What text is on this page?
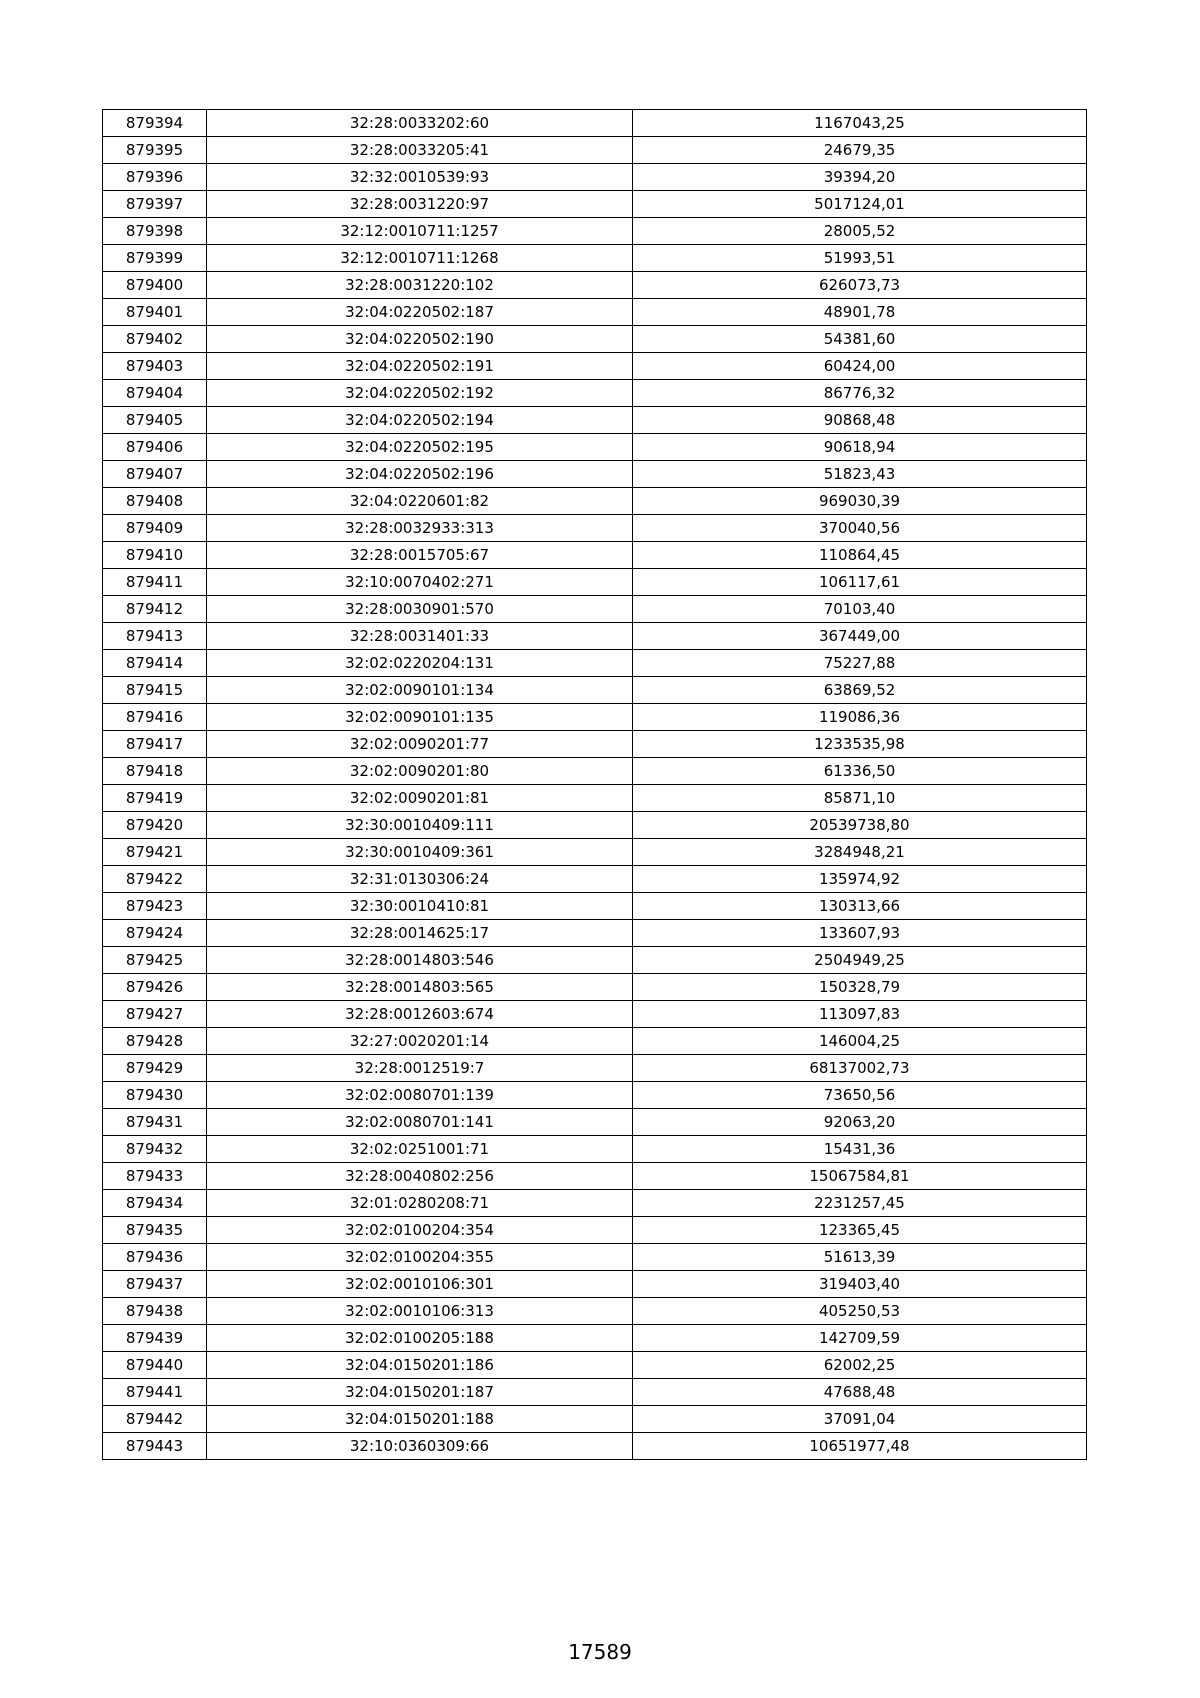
879394	32:28:0033202:60	1167043,25
879395	32:28:0033205:41	24679,35
879396	32:32:0010539:93	39394,20
879397	32:28:0031220:97	5017124,01
879398	32:12:0010711:1257	28005,52
879399	32:12:0010711:1268	51993,51
879400	32:28:0031220:102	626073,73
879401	32:04:0220502:187	48901,78
879402	32:04:0220502:190	54381,60
879403	32:04:0220502:191	60424,00
879404	32:04:0220502:192	86776,32
879405	32:04:0220502:194	90868,48
879406	32:04:0220502:195	90618,94
879407	32:04:0220502:196	51823,43
879408	32:04:0220601:82	969030,39
879409	32:28:0032933:313	370040,56
879410	32:28:0015705:67	110864,45
879411	32:10:0070402:271	106117,61
879412	32:28:0030901:570	70103,40
879413	32:28:0031401:33	367449,00
879414	32:02:0220204:131	75227,88
879415	32:02:0090101:134	63869,52
879416	32:02:0090101:135	119086,36
879417	32:02:0090201:77	1233535,98
879418	32:02:0090201:80	61336,50
879419	32:02:0090201:81	85871,10
879420	32:30:0010409:111	20539738,80
879421	32:30:0010409:361	3284948,21
879422	32:31:0130306:24	135974,92
879423	32:30:0010410:81	130313,66
879424	32:28:0014625:17	133607,93
879425	32:28:0014803:546	2504949,25
879426	32:28:0014803:565	150328,79
879427	32:28:0012603:674	113097,83
879428	32:27:0020201:14	146004,25
879429	32:28:0012519:7	68137002,73
879430	32:02:0080701:139	73650,56
879431	32:02:0080701:141	92063,20
879432	32:02:0251001:71	15431,36
879433	32:28:0040802:256	15067584,81
879434	32:01:0280208:71	2231257,45
879435	32:02:0100204:354	123365,45
879436	32:02:0100204:355	51613,39
879437	32:02:0010106:301	319403,40
879438	32:02:0010106:313	405250,53
879439	32:02:0100205:188	142709,59
879440	32:04:0150201:186	62002,25
879441	32:04:0150201:187	47688,48
879442	32:04:0150201:188	37091,04
879443	32:10:0360309:66	10651977,48
17589
